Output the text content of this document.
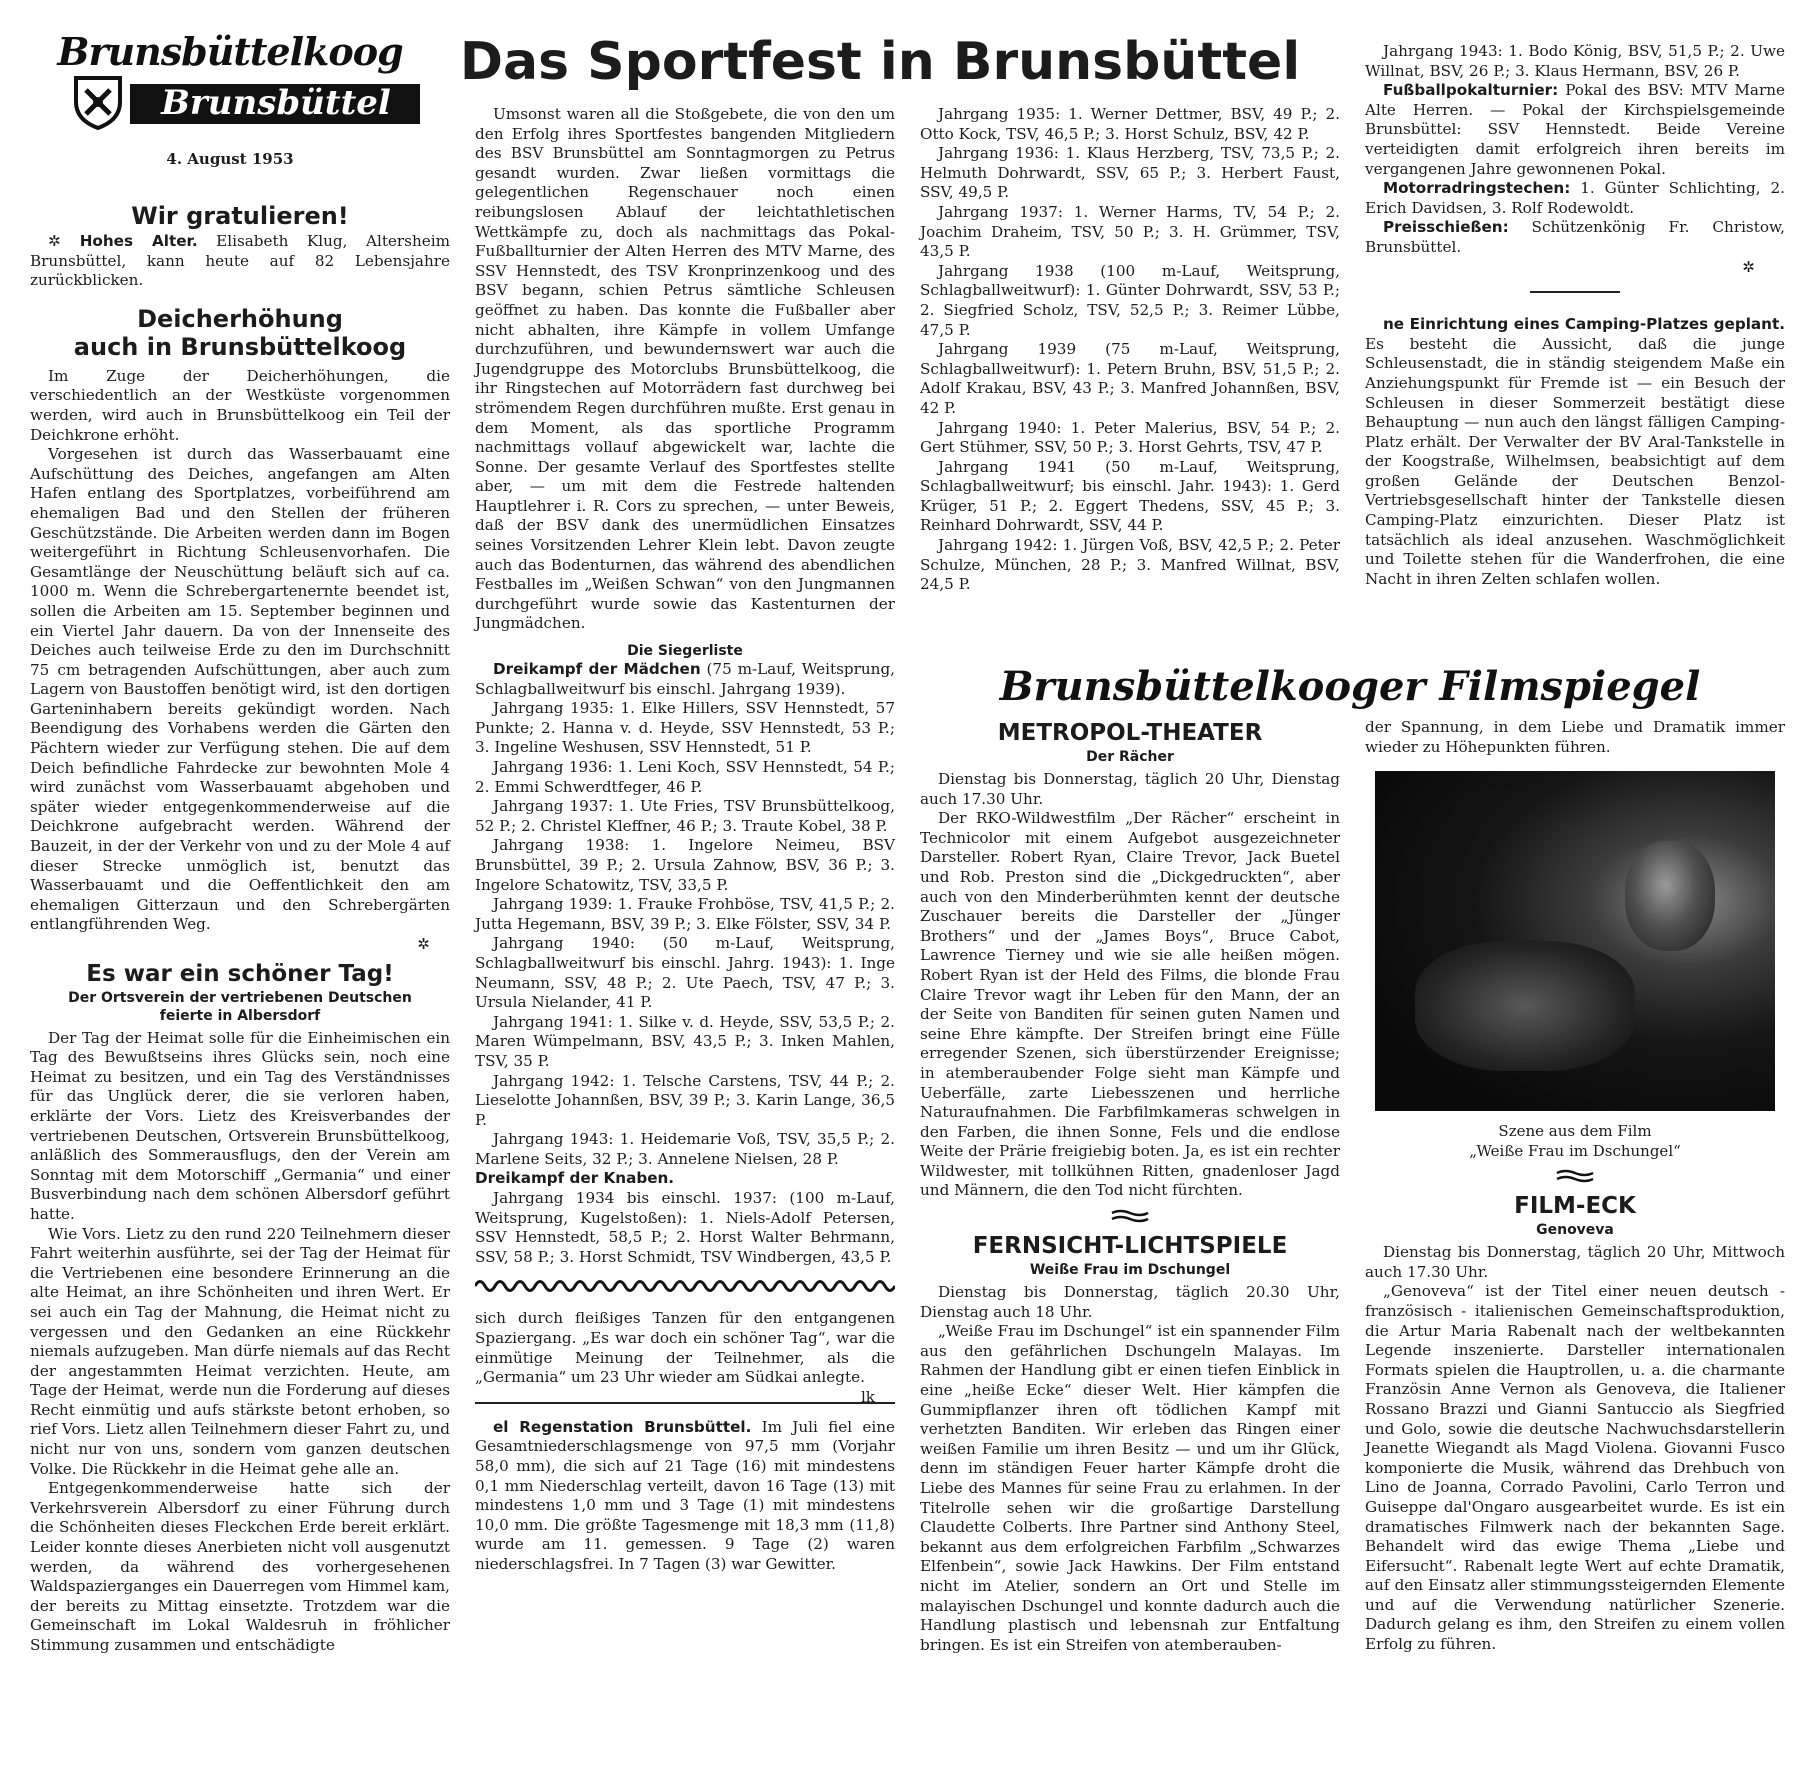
Brunsbüttelkoog
Brunsbüttel
4. August 1953
Das Sportfest in Brunsbüttel
Wir gratulieren!

✲ Hohes Alter. Elisabeth Klug, Altersheim Brunsbüttel, kann heute auf 82 Lebensjahre zurückblicken.

Deicherhöhung
auch in Brunsbüttelkoog

Im Zuge der Deicherhöhungen, die verschiedentlich an der Westküste vorgenommen werden, wird auch in Brunsbüttelkoog ein Teil der Deichkrone erhöht.

Vorgesehen ist durch das Wasserbauamt eine Aufschüttung des Deiches, angefangen am Alten Hafen entlang des Sportplatzes, vorbeiführend am ehemaligen Bad und den Stellen der früheren Geschützstände. Die Arbeiten werden dann im Bogen weitergeführt in Richtung Schleusenvorhafen. Die Gesamtlänge der Neuschüttung beläuft sich auf ca. 1000 m. Wenn die Schrebergartenernte beendet ist, sollen die Arbeiten am 15. September beginnen und ein Viertel Jahr dauern. Da von der Innenseite des Deiches auch teilweise Erde zu den im Durchschnitt 75 cm betragenden Aufschüttungen, aber auch zum Lagern von Baustoffen benötigt wird, ist den dortigen Garteninhabern bereits gekündigt worden. Nach Beendigung des Vorhabens werden die Gärten den Pächtern wieder zur Verfügung stehen. Die auf dem Deich befindliche Fahrdecke zur bewohnten Mole 4 wird zunächst vom Wasserbauamt abgehoben und später wieder entgegenkommenderweise auf die Deichkrone aufgebracht werden. Während der Bauzeit, in der der Verkehr von und zu der Mole 4 auf dieser Strecke unmöglich ist, benutzt das Wasserbauamt und die Oeffentlichkeit den am ehemaligen Gitterzaun und den Schrebergärten entlangführenden Weg.

✲
Es war ein schöner Tag!
Der Ortsverein der vertriebenen Deutschen
feierte in Albersdorf

Der Tag der Heimat solle für die Einheimischen ein Tag des Bewußtseins ihres Glücks sein, noch eine Heimat zu besitzen, und ein Tag des Verständnisses für das Unglück derer, die sie verloren haben, erklärte der Vors. Lietz des Kreisverbandes der vertriebenen Deutschen, Ortsverein Brunsbüttelkoog, anläßlich des Sommerausflugs, den der Verein am Sonntag mit dem Motorschiff „Germania“ und einer Busverbindung nach dem schönen Albersdorf geführt hatte.

Wie Vors. Lietz zu den rund 220 Teilnehmern dieser Fahrt weiterhin ausführte, sei der Tag der Heimat für die Vertriebenen eine besondere Erinnerung an die alte Heimat, an ihre Schönheiten und ihren Wert. Er sei auch ein Tag der Mahnung, die Heimat nicht zu vergessen und den Gedanken an eine Rückkehr niemals aufzugeben. Man dürfe niemals auf das Recht der angestammten Heimat verzichten. Heute, am Tage der Heimat, werde nun die Forderung auf dieses Recht einmütig und aufs stärkste betont erhoben, so rief Vors. Lietz allen Teilnehmern dieser Fahrt zu, und nicht nur von uns, sondern vom ganzen deutschen Volke. Die Rückkehr in die Heimat gehe alle an.

Entgegenkommenderweise hatte sich der Verkehrsverein Albersdorf zu einer Führung durch die Schönheiten dieses Fleckchen Erde bereit erklärt. Leider konnte dieses Anerbieten nicht voll ausgenutzt werden, da während des vorhergesehenen Waldspazierganges ein Dauerregen vom Himmel kam, der bereits zu Mittag einsetzte. Trotzdem war die Gemeinschaft im Lokal Waldesruh in fröhlicher Stimmung zusammen und entschädigte

Umsonst waren all die Stoßgebete, die von den um den Erfolg ihres Sportfestes bangenden Mitgliedern des BSV Brunsbüttel am Sonntagmorgen zu Petrus gesandt wurden. Zwar ließen vormittags die gelegentlichen Regenschauer noch einen reibungslosen Ablauf der leichtathletischen Wettkämpfe zu, doch als nachmittags das Pokal-Fußballturnier der Alten Herren des MTV Marne, des SSV Hennstedt, des TSV Kronprinzenkoog und des BSV begann, schien Petrus sämtliche Schleusen geöffnet zu haben. Das konnte die Fußballer aber nicht abhalten, ihre Kämpfe in vollem Umfange durchzuführen, und bewundernswert war auch die Jugendgruppe des Motorclubs Brunsbüttelkoog, die ihr Ringstechen auf Motorrädern fast durchweg bei strömendem Regen durchführen mußte. Erst genau in dem Moment, als das sportliche Programm nachmittags vollauf abgewickelt war, lachte die Sonne. Der gesamte Verlauf des Sportfestes stellte aber, — um mit dem die Festrede haltenden Hauptlehrer i. R. Cors zu sprechen, — unter Beweis, daß der BSV dank des unermüdlichen Einsatzes seines Vorsitzenden Lehrer Klein lebt. Davon zeugte auch das Bodenturnen, das während des abendlichen Festballes im „Weißen Schwan“ von den Jungmannen durchgeführt wurde sowie das Kastenturnen der Jungmädchen.

Die Siegerliste

Dreikampf der Mädchen (75 m-Lauf, Weitsprung, Schlagballweitwurf bis einschl. Jahrgang 1939).

Jahrgang 1935: 1. Elke Hillers, SSV Hennstedt, 57 Punkte; 2. Hanna v. d. Heyde, SSV Hennstedt, 53 P.; 3. Ingeline Weshusen, SSV Hennstedt, 51 P.

Jahrgang 1936: 1. Leni Koch, SSV Hennstedt, 54 P.; 2. Emmi Schwerdtfeger, 46 P.

Jahrgang 1937: 1. Ute Fries, TSV Brunsbüttelkoog, 52 P.; 2. Christel Kleffner, 46 P.; 3. Traute Kobel, 38 P.

Jahrgang 1938: 1. Ingelore Neimeu, BSV Brunsbüttel, 39 P.; 2. Ursula Zahnow, BSV, 36 P.; 3. Ingelore Schatowitz, TSV, 33,5 P.

Jahrgang 1939: 1. Frauke Frohböse, TSV, 41,5 P.; 2. Jutta Hegemann, BSV, 39 P.; 3. Elke Fölster, SSV, 34 P.

Jahrgang 1940: (50 m-Lauf, Weitsprung, Schlagballweitwurf bis einschl. Jahrg. 1943): 1. Inge Neumann, SSV, 48 P.; 2. Ute Paech, TSV, 47 P.; 3. Ursula Nielander, 41 P.

Jahrgang 1941: 1. Silke v. d. Heyde, SSV, 53,5 P.; 2. Maren Wümpelmann, BSV, 43,5 P.; 3. Inken Mahlen, TSV, 35 P.

Jahrgang 1942: 1. Telsche Carstens, TSV, 44 P.; 2. Lieselotte Johannßen, BSV, 39 P.; 3. Karin Lange, 36,5 P.

Jahrgang 1943: 1. Heidemarie Voß, TSV, 35,5 P.; 2. Marlene Seits, 32 P.; 3. Annelene Nielsen, 28 P.

Dreikampf der Knaben.

Jahrgang 1934 bis einschl. 1937: (100 m-Lauf, Weitsprung, Kugelstoßen): 1. Niels-Adolf Petersen, SSV Hennstedt, 58,5 P.; 2. Horst Walter Behrmann, SSV, 58 P.; 3. Horst Schmidt, TSV Windbergen, 43,5 P.

sich durch fleißiges Tanzen für den entgangenen Spaziergang. „Es war doch ein schöner Tag“, war die einmütige Meinung der Teilnehmer, als die „Germania“ um 23 Uhr wieder am Südkai anlegte.
lk

el Regenstation Brunsbüttel. Im Juli fiel eine Gesamtniederschlagsmenge von 97,5 mm (Vorjahr 58,0 mm), die sich auf 21 Tage (16) mit mindestens 0,1 mm Niederschlag verteilt, davon 16 Tage (13) mit mindestens 1,0 mm und 3 Tage (1) mit mindestens 10,0 mm. Die größte Tagesmenge mit 18,3 mm (11,8) wurde am 11. gemessen. 9 Tage (2) waren niederschlagsfrei. In 7 Tagen (3) war Gewitter.

Jahrgang 1935: 1. Werner Dettmer, BSV, 49 P.; 2. Otto Kock, TSV, 46,5 P.; 3. Horst Schulz, BSV, 42 P.

Jahrgang 1936: 1. Klaus Herzberg, TSV, 73,5 P.; 2. Helmuth Dohrwardt, SSV, 65 P.; 3. Herbert Faust, SSV, 49,5 P.

Jahrgang 1937: 1. Werner Harms, TV, 54 P.; 2. Joachim Draheim, TSV, 50 P.; 3. H. Grümmer, TSV, 43,5 P.

Jahrgang 1938 (100 m-Lauf, Weitsprung, Schlagballweitwurf): 1. Günter Dohrwardt, SSV, 53 P.; 2. Siegfried Scholz, TSV, 52,5 P.; 3. Reimer Lübbe, 47,5 P.

Jahrgang 1939 (75 m-Lauf, Weitsprung, Schlagballweitwurf): 1. Petern Bruhn, BSV, 51,5 P.; 2. Adolf Krakau, BSV, 43 P.; 3. Manfred Johannßen, BSV, 42 P.

Jahrgang 1940: 1. Peter Malerius, BSV, 54 P.; 2. Gert Stühmer, SSV, 50 P.; 3. Horst Gehrts, TSV, 47 P.

Jahrgang 1941 (50 m-Lauf, Weitsprung, Schlagballweitwurf; bis einschl. Jahr. 1943): 1. Gerd Krüger, 51 P.; 2. Eggert Thedens, SSV, 45 P.; 3. Reinhard Dohrwardt, SSV, 44 P.

Jahrgang 1942: 1. Jürgen Voß, BSV, 42,5 P.; 2. Peter Schulze, München, 28 P.; 3. Manfred Willnat, BSV, 24,5 P.

Jahrgang 1943: 1. Bodo König, BSV, 51,5 P.; 2. Uwe Willnat, BSV, 26 P.; 3. Klaus Hermann, BSV, 26 P.

Fußballpokalturnier: Pokal des BSV: MTV Marne Alte Herren. — Pokal der Kirchspielsgemeinde Brunsbüttel: SSV Hennstedt. Beide Vereine verteidigten damit erfolgreich ihren bereits im vergangenen Jahre gewonnenen Pokal.

Motorradringstechen: 1. Günter Schlichting, 2. Erich Davidsen, 3. Rolf Rodewoldt.

Preisschießen: Schützenkönig Fr. Christow, Brunsbüttel.

✲

ne Einrichtung eines Camping-Platzes geplant. Es besteht die Aussicht, daß die junge Schleusenstadt, die in ständig steigendem Maße ein Anziehungspunkt für Fremde ist — ein Besuch der Schleusen in dieser Sommerzeit bestätigt diese Behauptung — nun auch den längst fälligen Camping-Platz erhält. Der Verwalter der BV Aral-Tankstelle in der Koogstraße, Wilhelmsen, beabsichtigt auf dem großen Gelände der Deutschen Benzol-Vertriebsgesellschaft hinter der Tankstelle diesen Camping-Platz einzurichten. Dieser Platz ist tatsächlich als ideal anzusehen. Waschmöglichkeit und Toilette stehen für die Wanderfrohen, die eine Nacht in ihren Zelten schlafen wollen.

Brunsbüttelkooger Filmspiegel
METROPOL-THEATER
Der Rächer

Dienstag bis Donnerstag, täglich 20 Uhr, Dienstag auch 17.30 Uhr.

Der RKO-Wildwestfilm „Der Rächer“ erscheint in Technicolor mit einem Aufgebot ausgezeichneter Darsteller. Robert Ryan, Claire Trevor, Jack Buetel und Rob. Preston sind die „Dickgedruckten“, aber auch von den Minderberühmten kennt der deutsche Zuschauer bereits die Darsteller der „Jünger Brothers“ und der „James Boys“, Bruce Cabot, Lawrence Tierney und wie sie alle heißen mögen. Robert Ryan ist der Held des Films, die blonde Frau Claire Trevor wagt ihr Leben für den Mann, der an der Seite von Banditen für seinen guten Namen und seine Ehre kämpfte. Der Streifen bringt eine Fülle erregender Szenen, sich überstürzender Ereignisse; in atemberaubender Folge sieht man Kämpfe und Ueberfälle, zarte Liebesszenen und herrliche Naturaufnahmen. Die Farbfilmkameras schwelgen in den Farben, die ihnen Sonne, Fels und die endlose Weite der Prärie freigiebig boten. Ja, es ist ein rechter Wildwester, mit tollkühnen Ritten, gnadenloser Jagd und Männern, die den Tod nicht fürchten.

FERNSICHT-LICHTSPIELE
Weiße Frau im Dschungel

Dienstag bis Donnerstag, täglich 20.30 Uhr, Dienstag auch 18 Uhr.

„Weiße Frau im Dschungel“ ist ein spannender Film aus den gefährlichen Dschungeln Malayas. Im Rahmen der Handlung gibt er einen tiefen Einblick in eine „heiße Ecke“ dieser Welt. Hier kämpfen die Gummipflanzer ihren oft tödlichen Kampf mit verhetzten Banditen. Wir erleben das Ringen einer weißen Familie um ihren Besitz — und um ihr Glück, denn im ständigen Feuer harter Kämpfe droht die Liebe des Mannes für seine Frau zu erlahmen. In der Titelrolle sehen wir die großartige Darstellung Claudette Colberts. Ihre Partner sind Anthony Steel, bekannt aus dem erfolgreichen Farbfilm „Schwarzes Elfenbein“, sowie Jack Hawkins. Der Film entstand nicht im Atelier, sondern an Ort und Stelle im malayischen Dschungel und konnte dadurch auch die Handlung plastisch und lebensnah zur Entfaltung bringen. Es ist ein Streifen von atemberauben-

der Spannung, in dem Liebe und Dramatik immer wieder zu Höhepunkten führen.

Szene aus dem Film
„Weiße Frau im Dschungel“
FILM-ECK
Genoveva

Dienstag bis Donnerstag, täglich 20 Uhr, Mittwoch auch 17.30 Uhr.

„Genoveva“ ist der Titel einer neuen deutsch - französisch - italienischen Gemeinschaftsproduktion, die Artur Maria Rabenalt nach der weltbekannten Legende inszenierte. Darsteller internationalen Formats spielen die Hauptrollen, u. a. die charmante Französin Anne Vernon als Genoveva, die Italiener Rossano Brazzi und Gianni Santuccio als Siegfried und Golo, sowie die deutsche Nachwuchsdarstellerin Jeanette Wiegandt als Magd Violena. Giovanni Fusco komponierte die Musik, während das Drehbuch von Lino de Joanna, Corrado Pavolini, Carlo Terron und Guiseppe dal'Ongaro ausgearbeitet wurde. Es ist ein dramatisches Filmwerk nach der bekannten Sage. Behandelt wird das ewige Thema „Liebe und Eifersucht“. Rabenalt legte Wert auf echte Dramatik, auf den Einsatz aller stimmungssteigernden Elemente und auf die Verwendung natürlicher Szenerie. Dadurch gelang es ihm, den Streifen zu einem vollen Erfolg zu führen.
